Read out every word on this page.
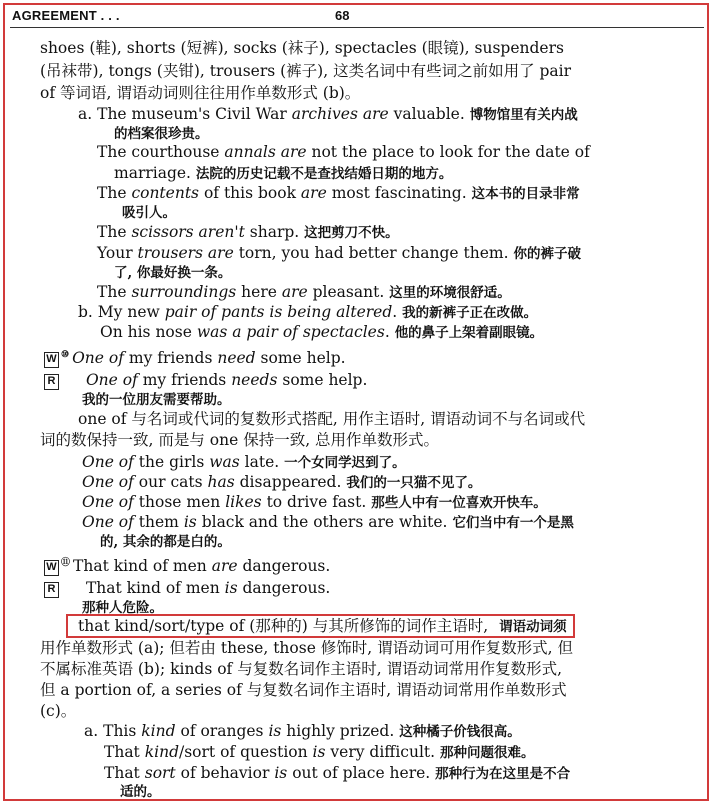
AGREEMENT . . .	68
shoes (鞋), shorts (短裤), socks (袜子), spectacles (眼镜), suspenders
(吊袜带), tongs (夹钳), trousers (裤子), 这类名词中有些词之前如用了 pair
of 等词语, 谓语动词则往往用作单数形式 (b)。
a. The museum's Civil War archives are valuable. 博物馆里有关内战
的档案很珍贵。
The courthouse annals are not the place to look for the date of
marriage. 法院的历史记载不是查找结婚日期的地方。
The contents of this book are most fascinating. 这本书的目录非常
吸引人。
The scissors aren't sharp. 这把剪刀不快。
Your trousers are torn, you had better change them. 你的裤子破
了, 你最好换一条。
The surroundings here are pleasant. 这里的环境很舒适。
b. My new pair of pants is being altered. 我的新裤子正在改做。
On his nose was a pair of spectacles. 他的鼻子上架着副眼镜。
W ⑩ One of my friends need some help.
R One of my friends needs some help.
我的一位朋友需要帮助。
one of 与名词或代词的复数形式搭配, 用作主语时, 谓语动词不与名词或代
词的数保持一致, 而是与 one 保持一致, 总用作单数形式。
One of the girls was late. 一个女同学迟到了。
One of our cats has disappeared. 我们的一只猫不见了。
One of those men likes to drive fast. 那些人中有一位喜欢开快车。
One of them is black and the others are white. 它们当中有一个是黑
的, 其余的都是白的。
W ⑪ That kind of men are dangerous.
R That kind of men is dangerous.
那种人危险。
that kind/sort/type of (那种的) 与其所修饰的词作主语时, 谓语动词须
用作单数形式 (a); 但若由 these, those 修饰时, 谓语动词可用作复数形式, 但
不属标准英语 (b); kinds of 与复数名词作主语时, 谓语动词常用作复数形式,
但 a portion of, a series of 与复数名词作主语时, 谓语动词常用作单数形式
(c)。
a. This kind of oranges is highly prized. 这种橘子价钱很高。
That kind/sort of question is very difficult. 那种问题很难。
That sort of behavior is out of place here. 那种行为在这里是不合
适的。
